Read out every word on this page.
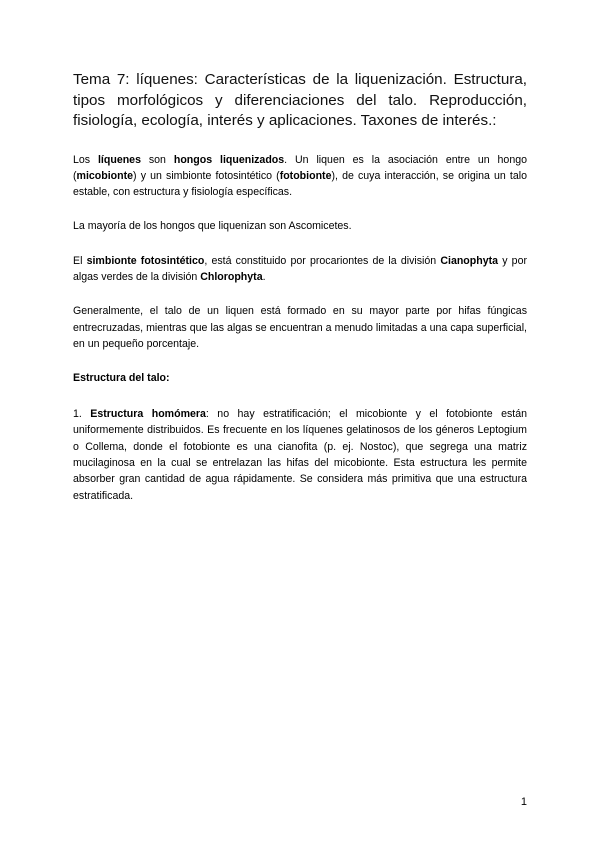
Tema 7: líquenes: Características de la liquenización. Estructura, tipos morfológicos y diferenciaciones del talo. Reproducción, fisiología, ecología, interés y aplicaciones. Taxones de interés.:

Los líquenes son hongos liquenizados. Un liquen es la asociación entre un hongo (micobionte) y un simbionte fotosintético (fotobionte), de cuya interacción, se origina un talo estable, con estructura y fisiología específicas.

La mayoría de los hongos que liquenizan son Ascomicetes.

El simbionte fotosintético, está constituido por procariontes de la división Cianophyta y por algas verdes de la división Chlorophyta.

Generalmente, el talo de un liquen está formado en su mayor parte por hifas fúngicas entrecruzadas, mientras que las algas se encuentran a menudo limitadas a una capa superficial, en un pequeño porcentaje.

Estructura del talo:

1. Estructura homómera: no hay estratificación; el micobionte y el fotobionte están uniformemente distribuidos. Es frecuente en los líquenes gelatinosos de los géneros Leptogium o Collema, donde el fotobionte es una cianofita (p. ej. Nostoc), que segrega una matriz mucilaginosa en la cual se entrelazan las hifas del micobionte. Esta estructura les permite absorber gran cantidad de agua rápidamente. Se considera más primitiva que una estructura estratificada.

1
